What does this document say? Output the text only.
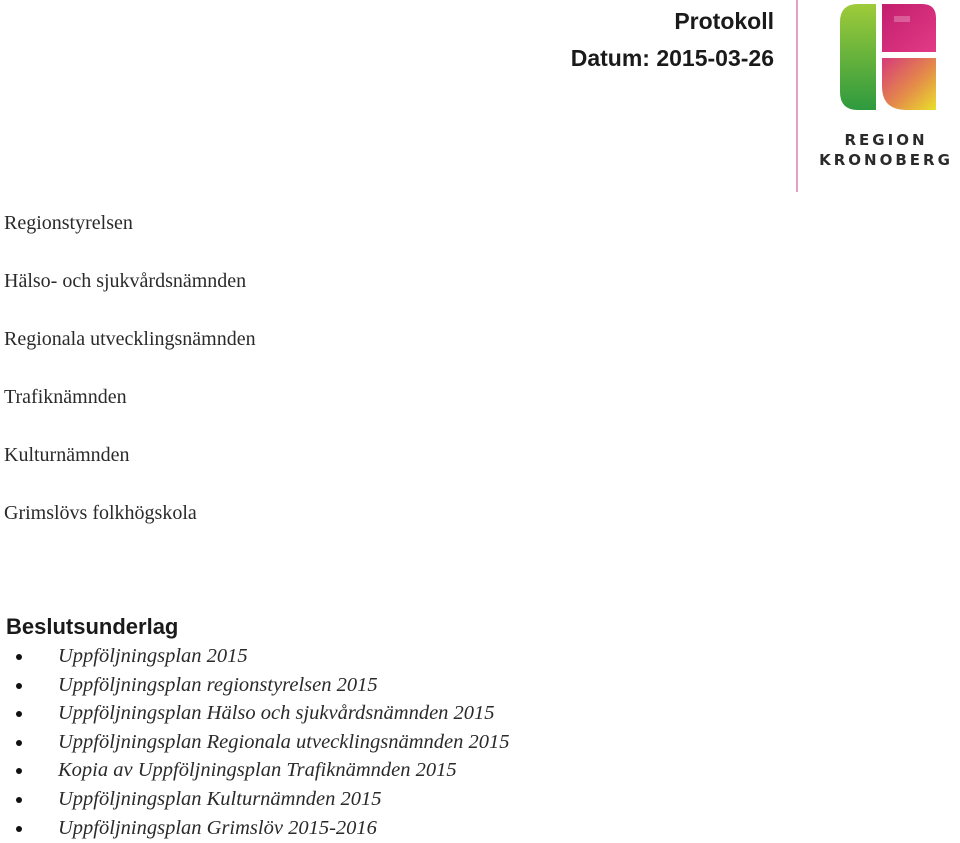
Protokoll
Datum: 2015-03-26
REGION
KRONOBERG
Regionstyrelsen
Hälso- och sjukvårdsnämnden
Regionala utvecklingsnämnden
Trafiknämnden
Kulturnämnden
Grimslövs folkhögskola
Beslutsunderlag
Uppföljningsplan 2015
Uppföljningsplan regionstyrelsen 2015
Uppföljningsplan Hälso och sjukvårdsnämnden 2015
Uppföljningsplan Regionala utvecklingsnämnden 2015
Kopia av Uppföljningsplan Trafiknämnden 2015
Uppföljningsplan Kulturnämnden 2015
Uppföljningsplan Grimslöv 2015-2016
